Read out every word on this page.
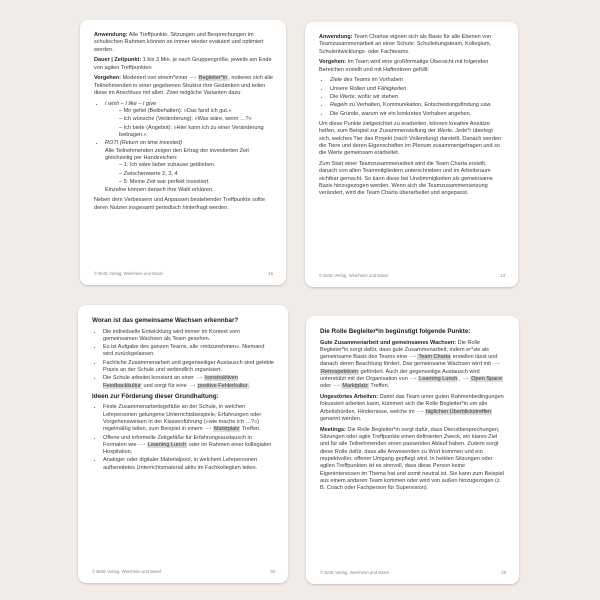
Anwendung: Alle Treffpunkte, Sitzungen und Besprechungen im schulischen Rahmen können so immer wieder evaluiert und optimiert werden.

Dauer | Zeitpunkt: 1 bis 3 Min. je nach Gruppengröße, jeweils am Ende von agilen Treffpunkten

Vorgehen: Moderiert von einem*einer ⟶ Begleiter*in, notieren sich alle Teilnehmenden in einer gegebenen Struktur ihre Gedanken und teilen diese im Anschluss mit allen. Zwei mögliche Varianten dazu:

• I wish – I like – I give
– Mir gefiel (Beibehalten): »Das fand ich gut.«
– Ich wünsche (Veränderung): »Was wäre, wenn …?«
– Ich biete (Angebot): »Hier kann ich zu einer Veränderung beitragen.«
• ROTI (Return on time invested)
Alle Teilnehmenden zeigen den Ertrag der investierten Zeit gleichzeitig per Handzeichen:
– 1: Ich wäre lieber zuhause geblieben.
– Zwischenwerte 2, 3, 4
– 5: Meine Zeit war perfekt investiert.
Einzelne können danach ihre Wahl erklären.

Neben dem Verbessern und Anpassen bestehender Treffpunkte sollte deren Nutzen insgesamt periodisch hinterfragt werden.

© Beltz Verlag, Weinheim und Basel	15

Anwendung: Team Chartas eignen sich als Basis für alle Ebenen von Teamzusammenarbeit an einer Schule: Schulleitungsteam, Kollegium, Schulentwicklungs- oder Fachteams.

Vorgehen: Im Team wird eine großformatige Übersicht mit folgenden Bereichen erstellt und mit Haftnotizen gefüllt:

• Ziele des Teams im Vorhaben
• Unsere Rollen und Fähigkeiten
• Die Werte, wofür wir stehen
• Regeln zu Verhalten, Kommunikation, Entscheidungsfindung usw.
• Die Gründe, warum wir ein konkretes Vorhaben angehen.

Um diese Punkte zielgerichtet zu erarbeiten, können kreative Ansätze helfen, zum Beispiel zur Zusammenstellung der Werte. Jede*r überlegt sich, welches Tier das Projekt (nach Vollendung) darstellt. Danach werden die Tiere und deren Eigenschaften im Plenum zusammengetragen und so die Werte gemeinsam erarbeitet.

Zum Start einer Teamzusammenarbeit wird die Team Charta erstellt, danach von allen Teammitgliedern unterschrieben und im Arbeitsraum sichtbar gemacht. So kann diese bei Unstimmigkeiten als gemeinsame Basis hinzugezogen werden. Wenn sich die Teamzusammensetzung verändert, wird die Team Charta überarbeitet und angepasst.

© Beltz Verlag, Weinheim und Basel	13

Woran ist das gemeinsame Wachsen erkennbar?

• Die individuelle Entwicklung wird immer im Kontext vom gemeinsamen Wachsen als Team gesehen.
• Es ist Aufgabe des ganzen Teams, alle »mitzunehmen«. Niemand wird zurückgelassen.
• Fachliche Zusammenarbeit und gegenseitiger Austausch sind gelebte Praxis an der Schule und verbindlich organisiert.
• Die Schule arbeitet konstant an einer ⟶ konstruktiven Feedbackkultur und sorgt für eine ⟶ positive Fehlerkultur.

Ideen zur Förderung dieser Grundhaltung:

• Feste Zusammenarbeitsgefäße an der Schule, in welchen Lehrpersonen gelungene Unterrichtsbeispiele, Erfahrungen oder Vorgehensweisen in der Klassenführung (»wie mache ich …?«) regelmäßig teilen, zum Beispiel in einem ⟶ Marktplatz Treffen.
• Offene und informelle Zeitgefäße für Erfahrungsaustausch in Formaten wie ⟶ Learning Lunch oder im Rahmen einer kollegialen Hospitation.
• Analoger oder digitaler Materialpool, in welchem Lehrpersonen aufbereitetes Unterrichtsmaterial aktiv im Fachkollegium teilen.
© Beltz Verlag, Weinheim und Basel	30

Die Rolle Begleiter*in begünstigt folgende Punkte:

Gute Zusammenarbeit und gemeinsames Wachsen: Die Rolle Begleiter*in sorgt dafür, dass gute Zusammenarbeit, indem er*sie als gemeinsame Basis des Teams eine ⟶ Team Charta erstellen lässt und danach deren Beachtung fördert. Das gemeinsame Wachsen wird mit ⟶ Retrospektiven gefördert. Auch der gegenseitige Austausch wird unterstützt mit der Organisation von ⟶ Learning Lunch, ⟶ Open Space oder ⟶ Marktplatz Treffen.

Ungestörtes Arbeiten: Damit das Team unter guten Rahmenbedingungen fokussiert arbeiten kann, kümmert sich die Rolle Begleiter*in um alle Arbeitshürden. Hindernisse, welche im ⟶ täglichen Überblickstreffen genannt werden.

Meetings: Die Rolle Begleiter*in sorgt dafür, dass Dienstbesprechungen, Sitzungen oder agile Treffpunkte einen definierten Zweck, ein klares Ziel und für alle Teilnehmenden einen passenden Ablauf haben. Zudem sorgt diese Rolle dafür, dass alle Anwesenden zu Wort kommen und ein respektvoller, offener Umgang gepflegt wird. In heiklen Sitzungen oder agilen Treffpunkten ist es sinnvoll, dass diese Person keine Eigeninteressen im Thema hat und somit neutral ist. Sie kann zum Beispiel aus einem anderen Team kommen oder wird von außen hinzugezogen (z. B. Coach oder Fachperson für Supervision).

© Beltz Verlag, Weinheim und Basel	26
